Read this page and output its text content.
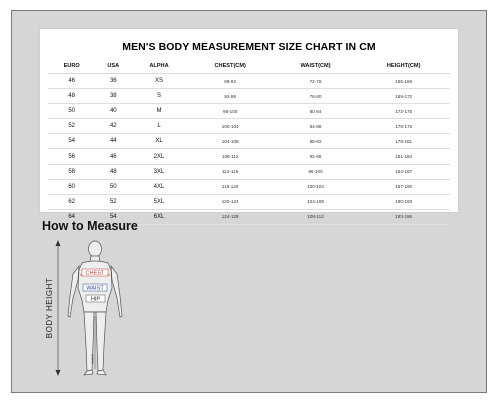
MEN'S BODY MEASUREMENT SIZE CHART IN CM
EURO	USA	ALPHA	CHEST(CM)	WAIST(CM)	HEIGHT(CM)
46	36	XS	88-92	72-76	166-169
48	38	S	92-96	76-80	169-172
50	40	M	96-100	80 84	172-175
52	42	L	100-104	84-88	175-178
54	44	XL	104-108	88-92	178-181
56	46	2XL	108-112	92-96	181-184
58	48	3XL	112-116	96-100	184-187
60	50	4XL	116-120	100-104	187-190
62	52	5XL	120-124	104-108	190-193
64	54	6XL	124-128	108-112	193-196
How to Measure
CHEST
WAIST
HIP
INSEAM
BODY HEIGHT
